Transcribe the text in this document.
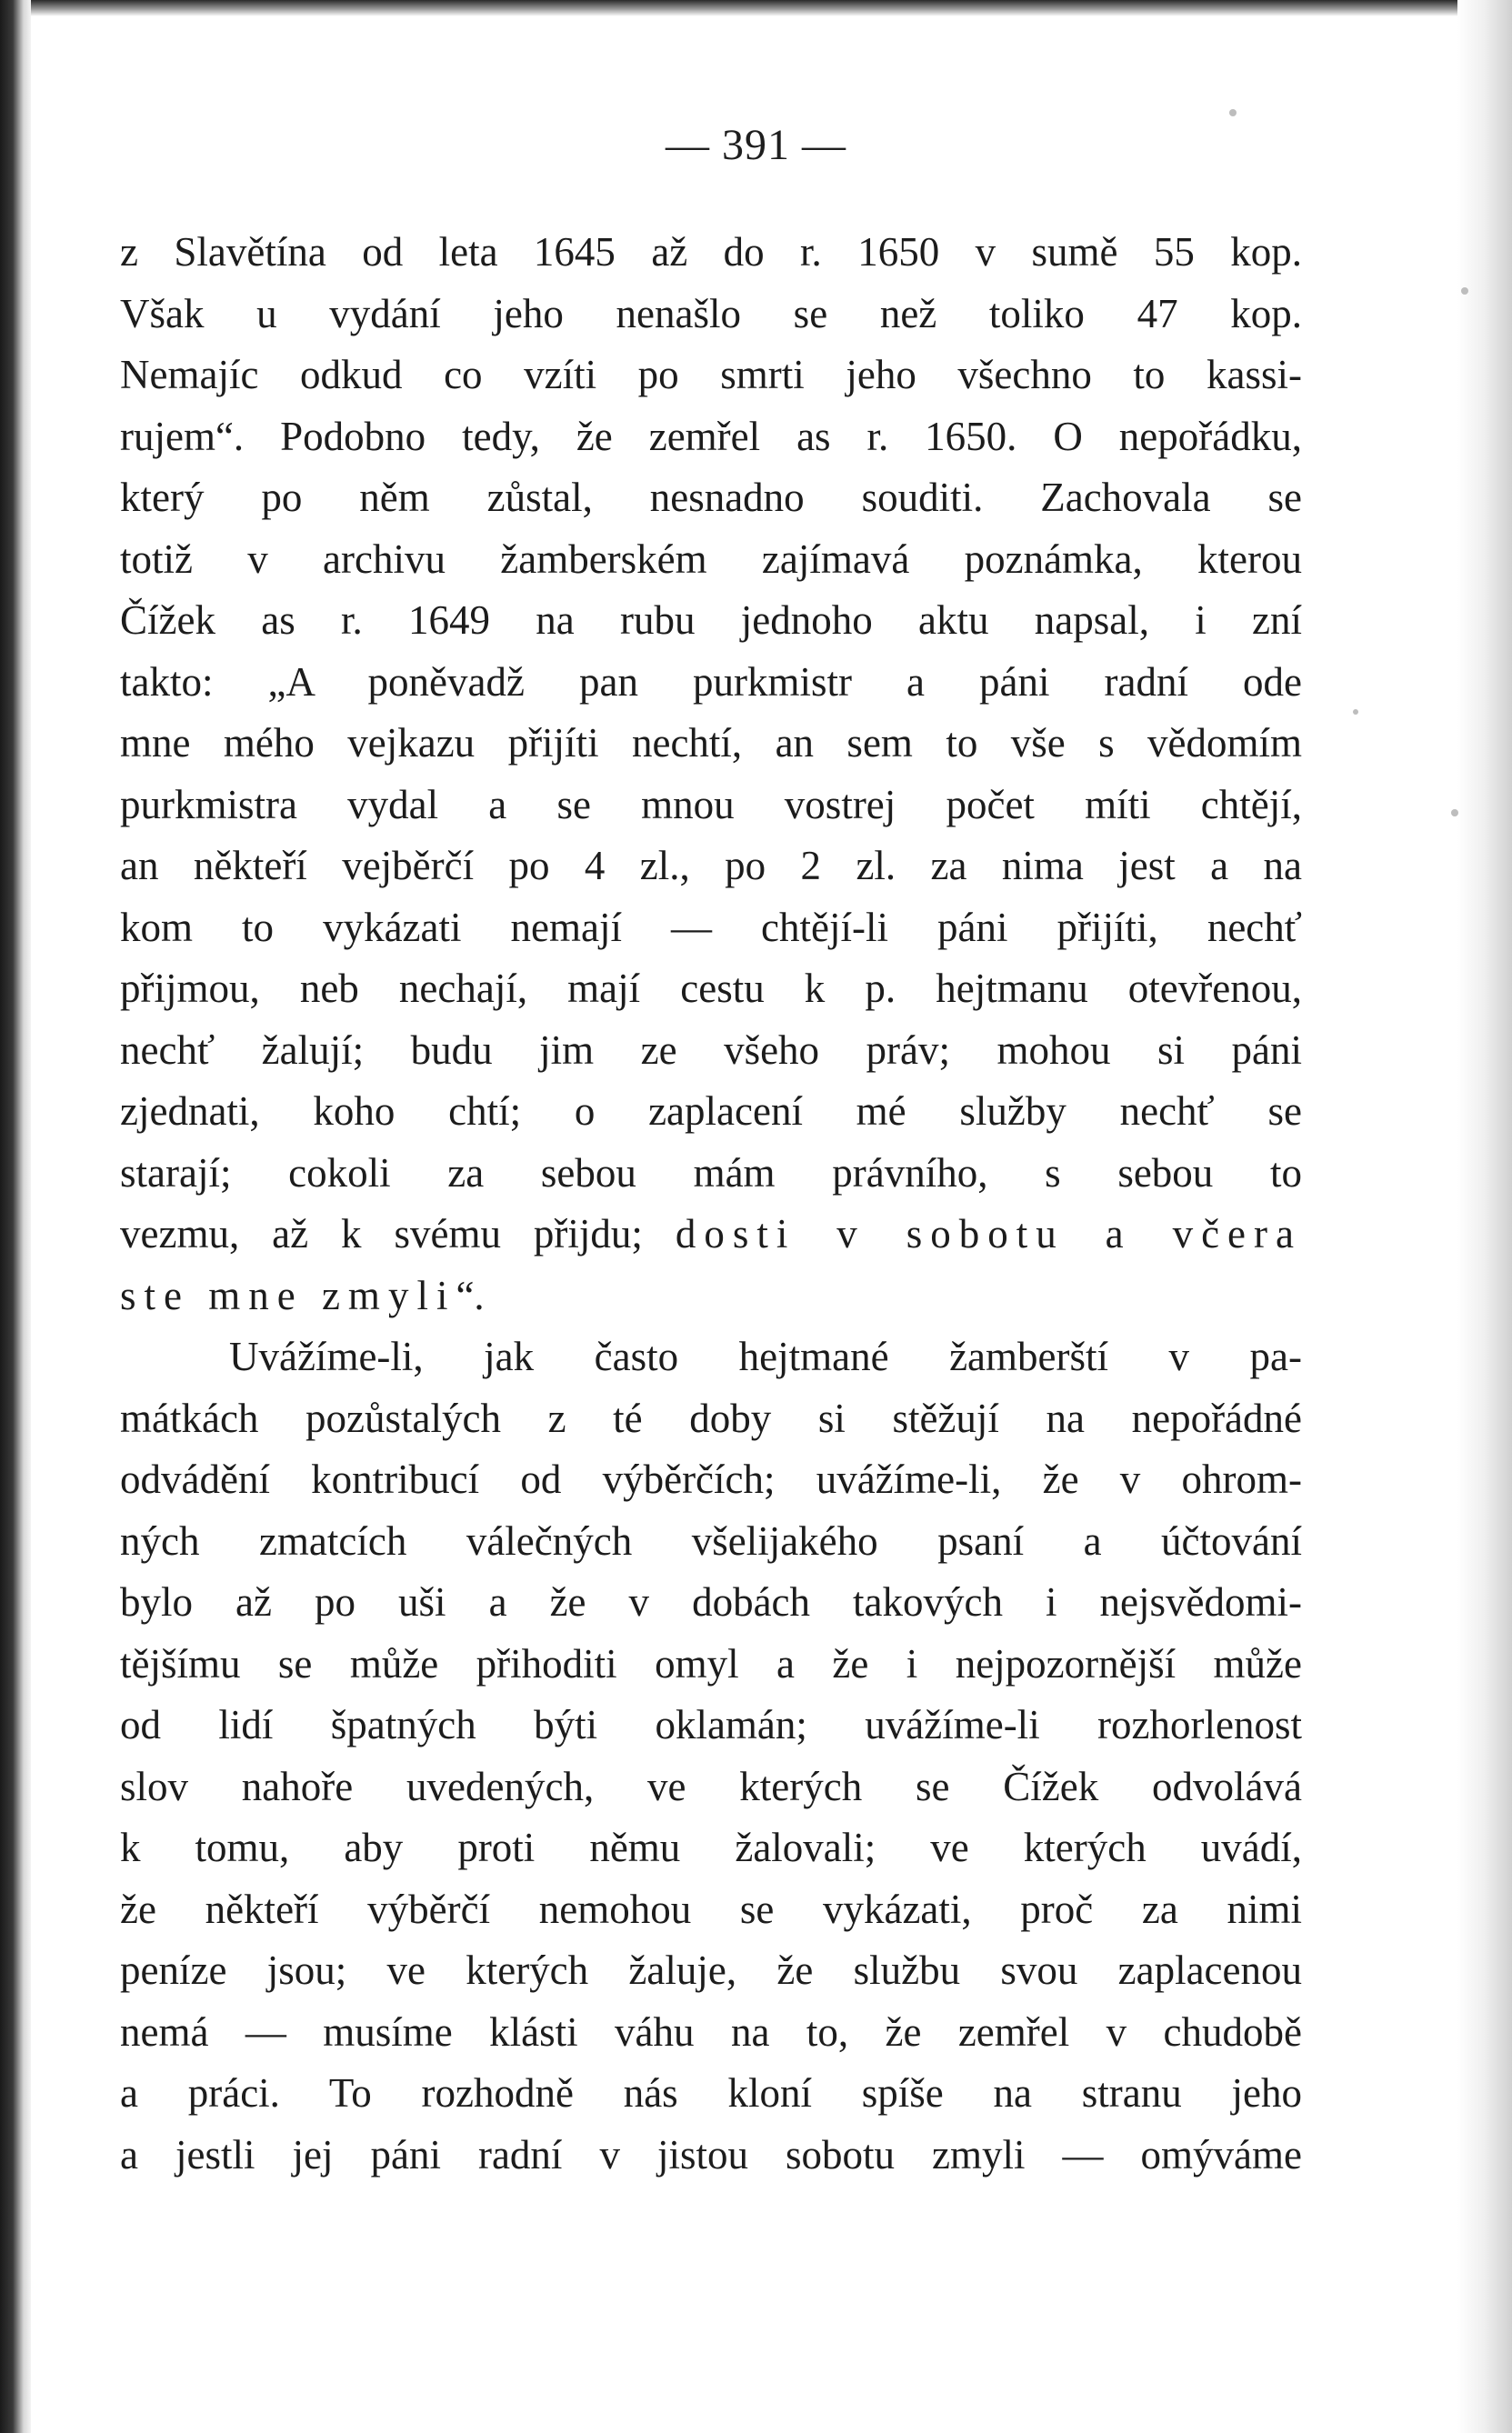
— 391 —
z Slavětína od leta 1645 až do r. 1650 v sumě 55 kop.
Však u vydání jeho nenašlo se než toliko 47 kop.
Nemajíc odkud co vzíti po smrti jeho všechno to kassi-
rujem“. Podobno tedy, že zemřel as r. 1650. O nepořádku,
který po něm zůstal, nesnadno souditi. Zachovala se
totiž v archivu žamberském zajímavá poznámka, kterou
Čížek as r. 1649 na rubu jednoho aktu napsal, i zní
takto: „A poněvadž pan purkmistr a páni radní ode
mne mého vejkazu přijíti nechtí, an sem to vše s vědomím
purkmistra vydal a se mnou vostrej počet míti chtějí,
an někteří vejběrčí po 4 zl., po 2 zl. za nima jest a na
kom to vykázati nemají — chtějí-li páni přijíti, nechť
přijmou, neb nechají, mají cestu k p. hejtmanu otevřenou,
nechť žalují; budu jim ze všeho práv; mohou si páni
zjednati, koho chtí; o zaplacení mé služby nechť se
starají; cokoli za sebou mám právního, s sebou to
vezmu, až k svému přijdu; dosti v sobotu a včera
ste mne zmyli“.
Uvážíme-li, jak často hejtmané žamberští v pa-
mátkách pozůstalých z té doby si stěžují na nepořádné
odvádění kontribucí od výběrčích; uvážíme-li, že v ohrom-
ných zmatcích válečných všelijakého psaní a účtování
bylo až po uši a že v dobách takových i nejsvědomi-
tějšímu se může přihoditi omyl a že i nejpozornější může
od lidí špatných býti oklamán; uvážíme-li rozhorlenost
slov nahoře uvedených, ve kterých se Čížek odvolává
k tomu, aby proti němu žalovali; ve kterých uvádí,
že někteří výběrčí nemohou se vykázati, proč za nimi
peníze jsou; ve kterých žaluje, že službu svou zaplacenou
nemá — musíme klásti váhu na to, že zemřel v chudobě
a práci. To rozhodně nás kloní spíše na stranu jeho
a jestli jej páni radní v jistou sobotu zmyli — omýváme
